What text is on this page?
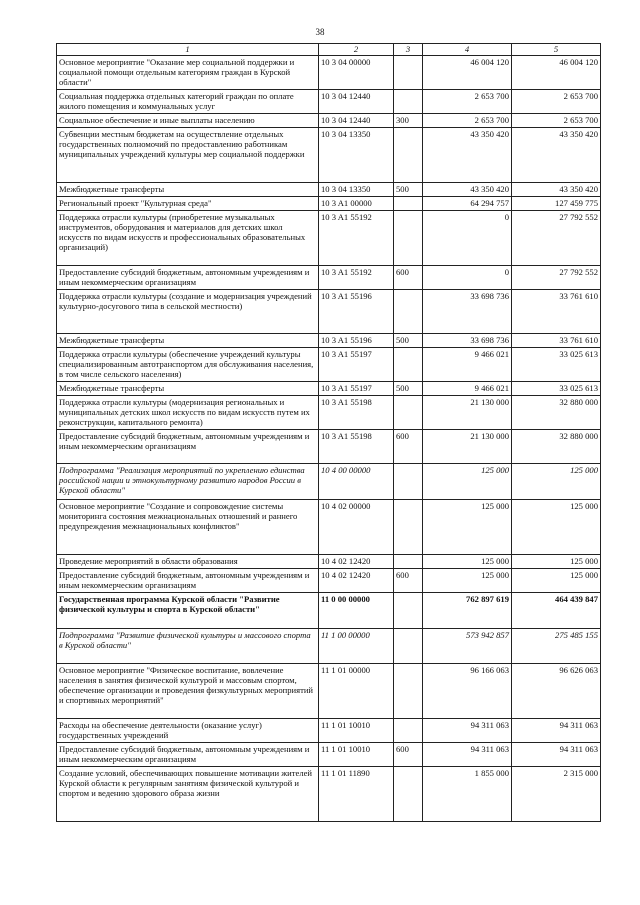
38
1	2	3	4	5
Основное мероприятие "Оказание мер социальной поддержки и социальной помощи отдельным категориям граждан в Курской области"	10 3 04 00000		46 004 120	46 004 120
Социальная поддержка отдельных категорий граждан по оплате жилого помещения и коммунальных услуг	10 3 04 12440		2 653 700	2 653 700
Социальное обеспечение и иные выплаты населению	10 3 04 12440	300	2 653 700	2 653 700
Субвенции местным бюджетам на осуществление отдельных государственных полномочий по предоставлению работникам муниципальных учреждений культуры мер социальной поддержки	10 3 04 13350		43 350 420	43 350 420
Межбюджетные трансферты	10 3 04 13350	500	43 350 420	43 350 420
Региональный проект "Культурная среда"	10 3 A1 00000		64 294 757	127 459 775
Поддержка отрасли культуры (приобретение музыкальных инструментов, оборудования и материалов для детских школ искусств по видам искусств и профессиональных образовательных организаций)	10 3 A1 55192		0	27 792 552
Предоставление субсидий бюджетным, автономным учреждениям и иным некоммерческим организациям	10 3 A1 55192	600	0	27 792 552
Поддержка отрасли культуры (создание и модернизация учреждений культурно-досугового типа в сельской местности)	10 3 A1 55196		33 698 736	33 761 610
Межбюджетные трансферты	10 3 A1 55196	500	33 698 736	33 761 610
Поддержка отрасли культуры (обеспечение учреждений культуры специализированным автотранспортом для обслуживания населения, в том числе сельского населения)	10 3 A1 55197		9 466 021	33 025 613
Межбюджетные трансферты	10 3 A1 55197	500	9 466 021	33 025 613
Поддержка отрасли культуры (модернизация региональных и муниципальных детских школ искусств по видам искусств путем их реконструкции, капитального ремонта)	10 3 A1 55198		21 130 000	32 880 000
Предоставление субсидий бюджетным, автономным учреждениям и иным некоммерческим организациям	10 3 A1 55198	600	21 130 000	32 880 000
Подпрограмма "Реализация мероприятий по укреплению единства российской нации и этнокультурному развитию народов России в Курской области"	10 4 00 00000		125 000	125 000
Основное мероприятие "Создание и сопровождение системы мониторинга состояния межнациональных отношений и раннего предупреждения межнациональных конфликтов"	10 4 02 00000		125 000	125 000
Проведение мероприятий в области образования	10 4 02 12420		125 000	125 000
Предоставление субсидий бюджетным, автономным учреждениям и иным некоммерческим организациям	10 4 02 12420	600	125 000	125 000
Государственная программа Курской области "Развитие физической культуры и спорта в Курской области"	11 0 00 00000		762 897 619	464 439 847
Подпрограмма "Развитие физической культуры и массового спорта в Курской области"	11 1 00 00000		573 942 857	275 485 155
Основное мероприятие "Физическое воспитание, вовлечение населения в занятия физической культурой и массовым спортом, обеспечение организации и проведения физкультурных мероприятий и спортивных мероприятий"	11 1 01 00000		96 166 063	96 626 063
Расходы на обеспечение деятельности (оказание услуг) государственных учреждений	11 1 01 10010		94 311 063	94 311 063
Предоставление субсидий бюджетным, автономным учреждениям и иным некоммерческим организациям	11 1 01 10010	600	94 311 063	94 311 063
Создание условий, обеспечивающих повышение мотивации жителей Курской области к регулярным занятиям физической культурой и спортом и ведению здорового образа жизни	11 1 01 11890		1 855 000	2 315 000
